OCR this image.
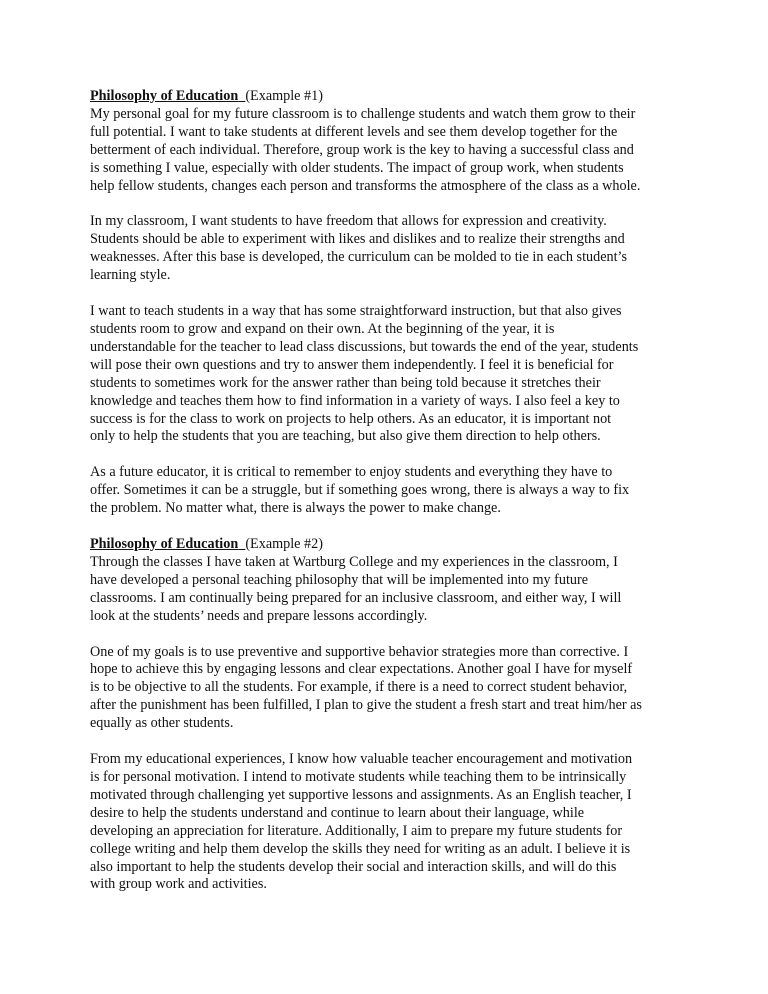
Philosophy of Education (Example #1)
My personal goal for my future classroom is to challenge students and watch them grow to their
full potential. I want to take students at different levels and see them develop together for the
betterment of each individual. Therefore, group work is the key to having a successful class and
is something I value, especially with older students. The impact of group work, when students
help fellow students, changes each person and transforms the atmosphere of the class as a whole.
In my classroom, I want students to have freedom that allows for expression and creativity.
Students should be able to experiment with likes and dislikes and to realize their strengths and
weaknesses. After this base is developed, the curriculum can be molded to tie in each student’s
learning style.
I want to teach students in a way that has some straightforward instruction, but that also gives
students room to grow and expand on their own. At the beginning of the year, it is
understandable for the teacher to lead class discussions, but towards the end of the year, students
will pose their own questions and try to answer them independently. I feel it is beneficial for
students to sometimes work for the answer rather than being told because it stretches their
knowledge and teaches them how to find information in a variety of ways. I also feel a key to
success is for the class to work on projects to help others. As an educator, it is important not
only to help the students that you are teaching, but also give them direction to help others.
As a future educator, it is critical to remember to enjoy students and everything they have to
offer. Sometimes it can be a struggle, but if something goes wrong, there is always a way to fix
the problem. No matter what, there is always the power to make change.
Philosophy of Education (Example #2)
Through the classes I have taken at Wartburg College and my experiences in the classroom, I
have developed a personal teaching philosophy that will be implemented into my future
classrooms. I am continually being prepared for an inclusive classroom, and either way, I will
look at the students’ needs and prepare lessons accordingly.
One of my goals is to use preventive and supportive behavior strategies more than corrective. I
hope to achieve this by engaging lessons and clear expectations. Another goal I have for myself
is to be objective to all the students. For example, if there is a need to correct student behavior,
after the punishment has been fulfilled, I plan to give the student a fresh start and treat him/her as
equally as other students.
From my educational experiences, I know how valuable teacher encouragement and motivation
is for personal motivation. I intend to motivate students while teaching them to be intrinsically
motivated through challenging yet supportive lessons and assignments. As an English teacher, I
desire to help the students understand and continue to learn about their language, while
developing an appreciation for literature. Additionally, I aim to prepare my future students for
college writing and help them develop the skills they need for writing as an adult. I believe it is
also important to help the students develop their social and interaction skills, and will do this
with group work and activities.
